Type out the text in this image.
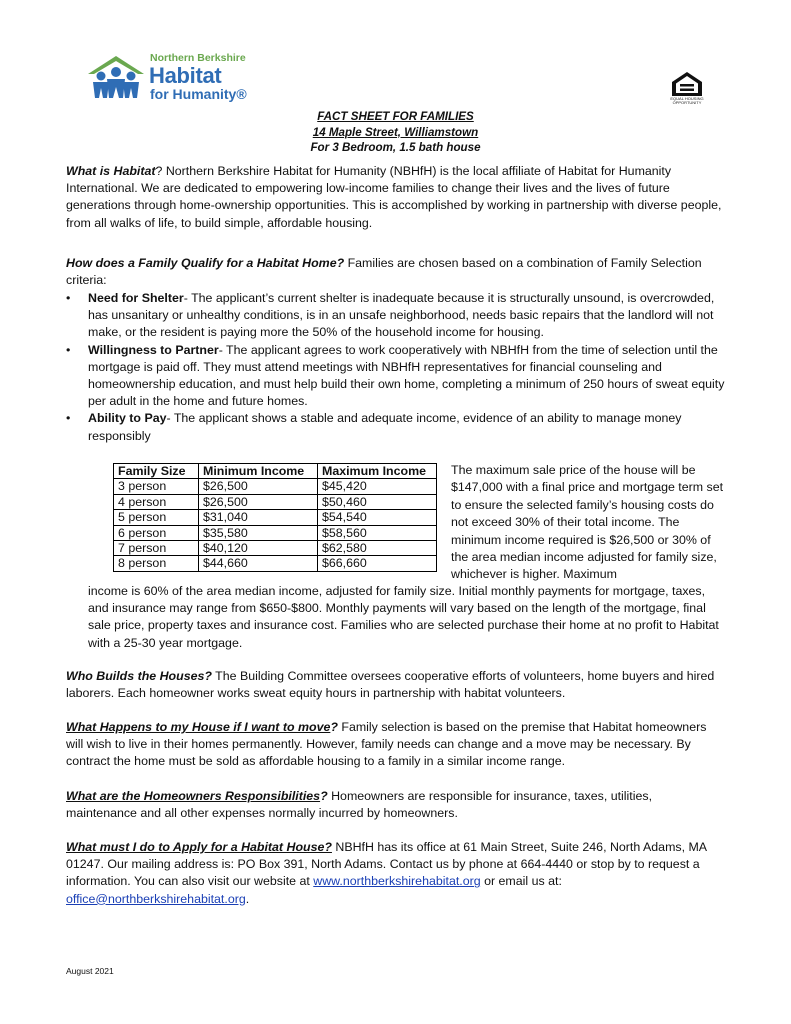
Northern Berkshire
Habitat
for Humanity®	EQUAL HOUSING OPPORTUNITY
FACT SHEET FOR FAMILIES
14 Maple Street, Williamstown
For 3 Bedroom, 1.5 bath house

What is Habitat? Northern Berkshire Habitat for Humanity (NBHfH) is the local affiliate of Habitat for Humanity International. We are dedicated to empowering low-income families to change their lives and the lives of future generations through home-ownership opportunities. This is accomplished by working in partnership with diverse people, from all walks of life, to build simple, affordable housing.

How does a Family Qualify for a Habitat Home? Families are chosen based on a combination of Family Selection criteria:

• Need for Shelter- The applicant’s current shelter is inadequate because it is structurally unsound, is overcrowded, has unsanitary or unhealthy conditions, is in an unsafe neighborhood, needs basic repairs that the landlord will not make, or the resident is paying more the 50% of the household income for housing.
• Willingness to Partner- The applicant agrees to work cooperatively with NBHfH from the time of selection until the mortgage is paid off. They must attend meetings with NBHfH representatives for financial counseling and homeownership education, and must help build their own home, completing a minimum of 250 hours of sweat equity per adult in the home and future homes.
• Ability to Pay- The applicant shows a stable and adequate income, evidence of an ability to manage money responsibly
Family Size	Minimum Income	Maximum Income
3 person	$26,500	$45,420
4 person	$26,500	$50,460
5 person	$31,040	$54,540
6 person	$35,580	$58,560
7 person	$40,120	$62,580
8 person	$44,660	$66,660
The maximum sale price of the house will be $147,000 with a final price and mortgage term set to ensure the selected family’s housing costs do not exceed 30% of their total income. The minimum income required is $26,500 or 30% of the area median income adjusted for family size, whichever is higher. Maximum
income is 60% of the area median income, adjusted for family size. Initial monthly payments for mortgage, taxes, and insurance may range from $650-$800. Monthly payments will vary based on the length of the mortgage, final sale price, property taxes and insurance cost. Families who are selected purchase their home at no profit to Habitat with a 25-30 year mortgage.

Who Builds the Houses? The Building Committee oversees cooperative efforts of volunteers, home buyers and hired laborers. Each homeowner works sweat equity hours in partnership with habitat volunteers.

What Happens to my House if I want to move? Family selection is based on the premise that Habitat homeowners will wish to live in their homes permanently. However, family needs can change and a move may be necessary. By contract the home must be sold as affordable housing to a family in a similar income range.

What are the Homeowners Responsibilities? Homeowners are responsible for insurance, taxes, utilities, maintenance and all other expenses normally incurred by homeowners.

What must I do to Apply for a Habitat House? NBHfH has its office at 61 Main Street, Suite 246, North Adams, MA 01247. Our mailing address is: PO Box 391, North Adams. Contact us by phone at 664-4440 or stop by to request a information. You can also visit our website at www.northberkshirehabitat.org or email us at: office@northberkshirehabitat.org.

August 2021
